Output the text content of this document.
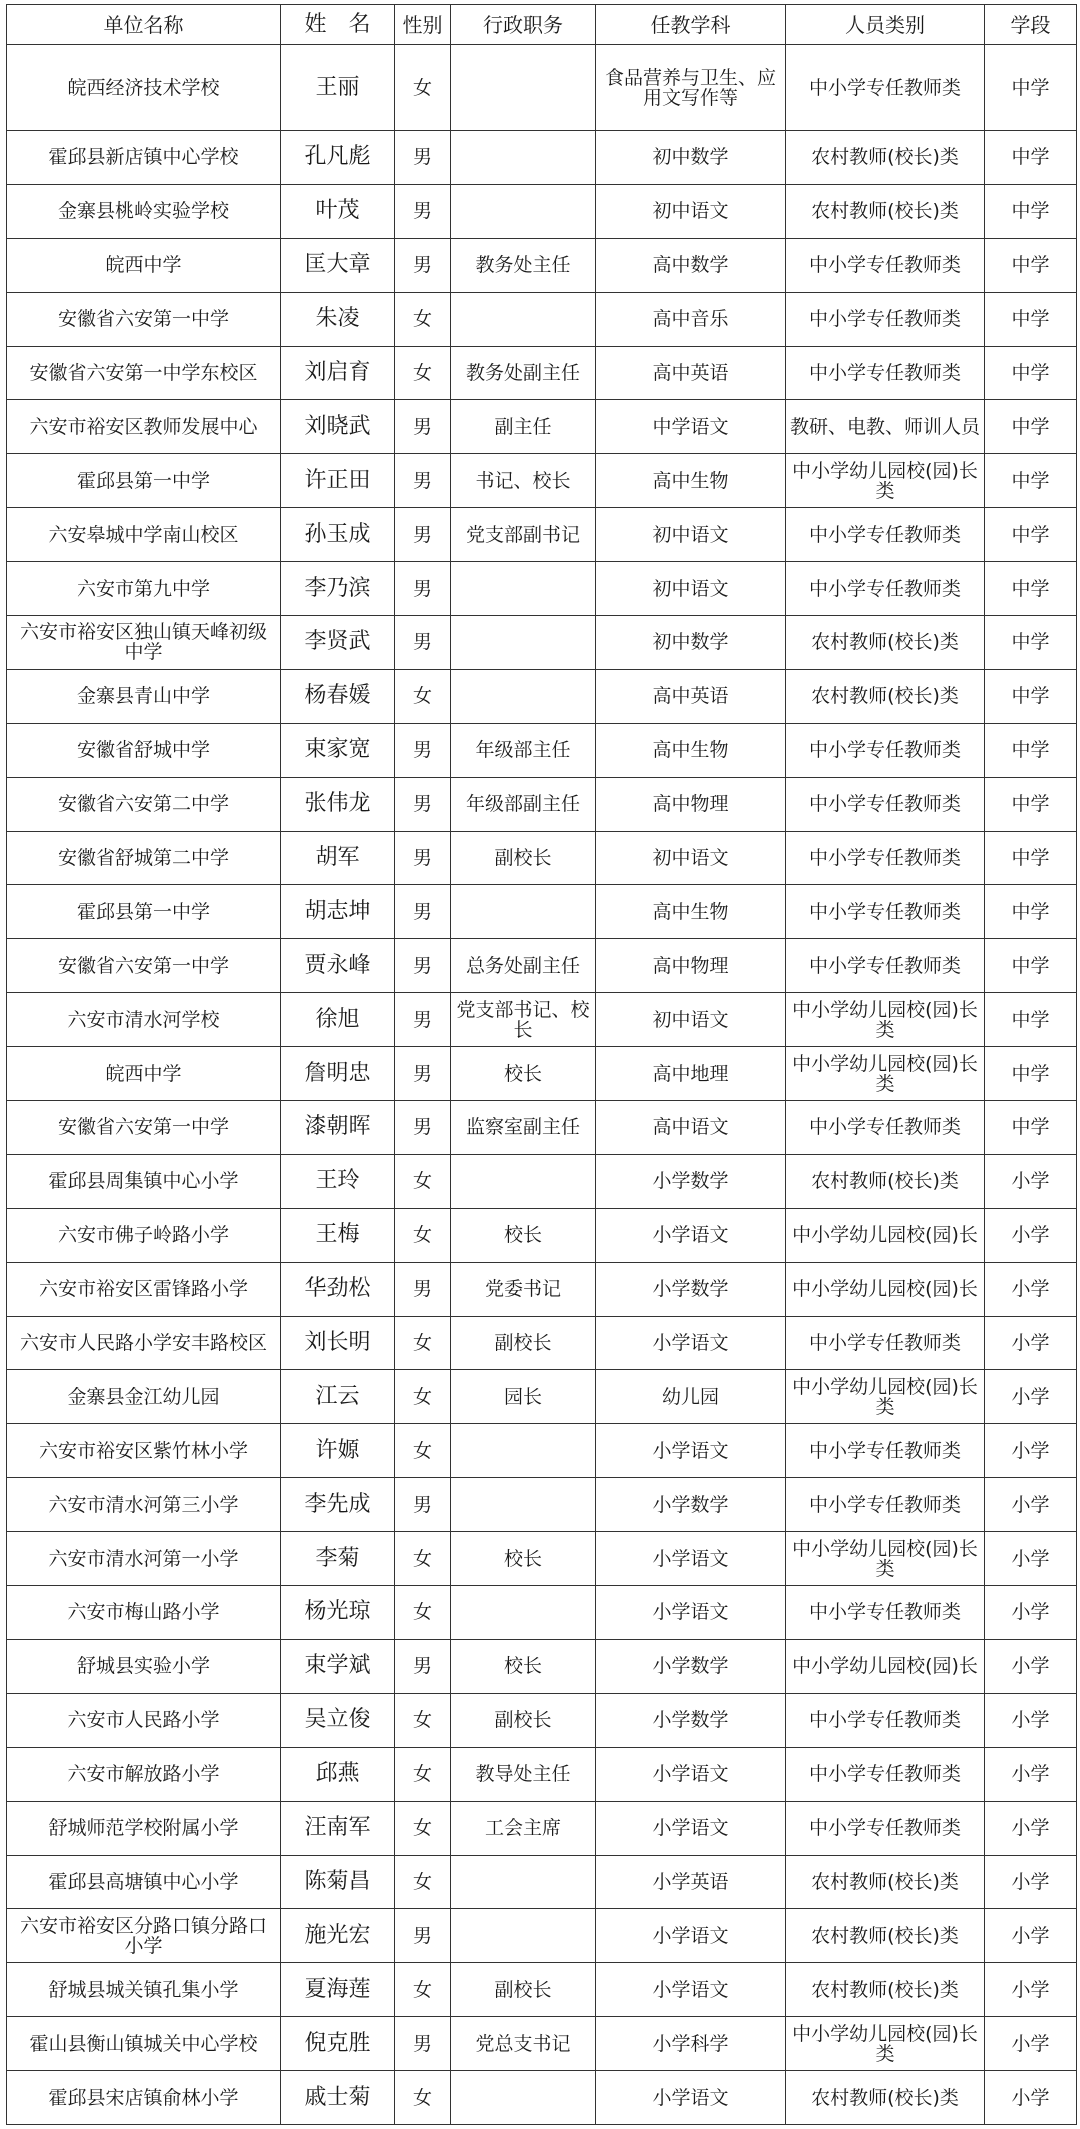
单位名称	姓　名	性别	行政职务	任教学科	人员类别	学段
皖西经济技术学校	王丽	女		食品营养与卫生、应用文写作等	中小学专任教师类	中学
霍邱县新店镇中心学校	孔凡彪	男		初中数学	农村教师(校长)类	中学
金寨县桃岭实验学校	叶茂	男		初中语文	农村教师(校长)类	中学
皖西中学	匡大章	男	教务处主任	高中数学	中小学专任教师类	中学
安徽省六安第一中学	朱凌	女		高中音乐	中小学专任教师类	中学
安徽省六安第一中学东校区	刘启育	女	教务处副主任	高中英语	中小学专任教师类	中学
六安市裕安区教师发展中心	刘晓武	男	副主任	中学语文	教研、电教、师训人员	中学
霍邱县第一中学	许正田	男	书记、校长	高中生物	中小学幼儿园校(园)长类	中学
六安皋城中学南山校区	孙玉成	男	党支部副书记	初中语文	中小学专任教师类	中学
六安市第九中学	李乃滨	男		初中语文	中小学专任教师类	中学
六安市裕安区独山镇天峰初级中学	李贤武	男		初中数学	农村教师(校长)类	中学
金寨县青山中学	杨春媛	女		高中英语	农村教师(校长)类	中学
安徽省舒城中学	束家宽	男	年级部主任	高中生物	中小学专任教师类	中学
安徽省六安第二中学	张伟龙	男	年级部副主任	高中物理	中小学专任教师类	中学
安徽省舒城第二中学	胡军	男	副校长	初中语文	中小学专任教师类	中学
霍邱县第一中学	胡志坤	男		高中生物	中小学专任教师类	中学
安徽省六安第一中学	贾永峰	男	总务处副主任	高中物理	中小学专任教师类	中学
六安市清水河学校	徐旭	男	党支部书记、校长	初中语文	中小学幼儿园校(园)长类	中学
皖西中学	詹明忠	男	校长	高中地理	中小学幼儿园校(园)长类	中学
安徽省六安第一中学	漆朝晖	男	监察室副主任	高中语文	中小学专任教师类	中学
霍邱县周集镇中心小学	王玲	女		小学数学	农村教师(校长)类	小学
六安市佛子岭路小学	王梅	女	校长	小学语文	中小学幼儿园校(园)长	小学
六安市裕安区雷锋路小学	华劲松	男	党委书记	小学数学	中小学幼儿园校(园)长	小学
六安市人民路小学安丰路校区	刘长明	女	副校长	小学语文	中小学专任教师类	小学
金寨县金江幼儿园	江云	女	园长	幼儿园	中小学幼儿园校(园)长类	小学
六安市裕安区紫竹林小学	许嫄	女		小学语文	中小学专任教师类	小学
六安市清水河第三小学	李先成	男		小学数学	中小学专任教师类	小学
六安市清水河第一小学	李菊	女	校长	小学语文	中小学幼儿园校(园)长类	小学
六安市梅山路小学	杨光琼	女		小学语文	中小学专任教师类	小学
舒城县实验小学	束学斌	男	校长	小学数学	中小学幼儿园校(园)长	小学
六安市人民路小学	吴立俊	女	副校长	小学数学	中小学专任教师类	小学
六安市解放路小学	邱燕	女	教导处主任	小学语文	中小学专任教师类	小学
舒城师范学校附属小学	汪南军	女	工会主席	小学语文	中小学专任教师类	小学
霍邱县高塘镇中心小学	陈菊昌	女		小学英语	农村教师(校长)类	小学
六安市裕安区分路口镇分路口小学	施光宏	男		小学语文	农村教师(校长)类	小学
舒城县城关镇孔集小学	夏海莲	女	副校长	小学语文	农村教师(校长)类	小学
霍山县衡山镇城关中心学校	倪克胜	男	党总支书记	小学科学	中小学幼儿园校(园)长类	小学
霍邱县宋店镇俞林小学	戚士菊	女		小学语文	农村教师(校长)类	小学
